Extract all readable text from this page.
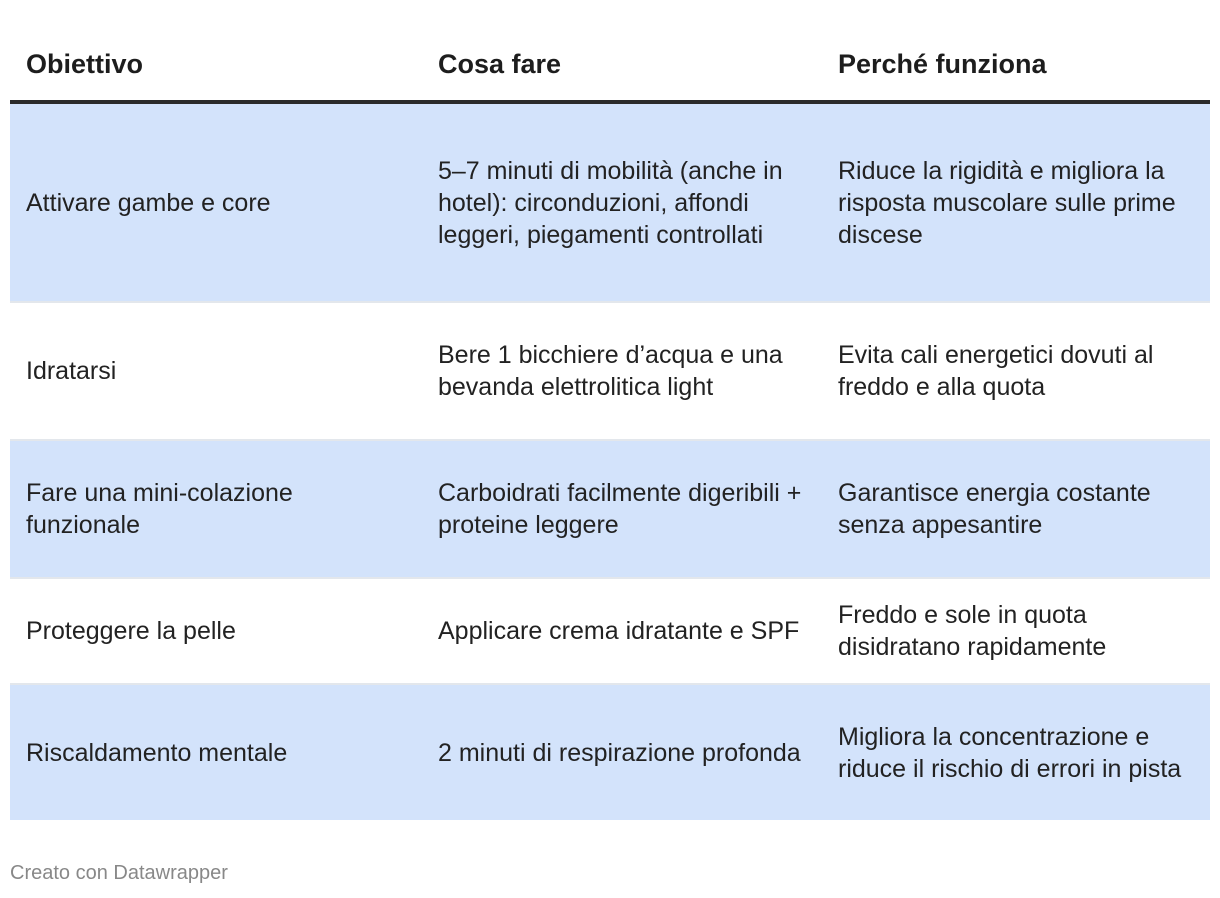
Obiettivo	Cosa fare	Perché funziona
Attivare gambe e core	5–7 minuti di mobilità (anche in hotel): circonduzioni, affondi leggeri, piegamenti controllati	Riduce la rigidità e migliora la risposta muscolare sulle prime discese
Idratarsi	Bere 1 bicchiere d’acqua e una bevanda elettrolitica light	Evita cali energetici dovuti al freddo e alla quota
Fare una mini-colazione funzionale	Carboidrati facilmente digeribili + proteine leggere	Garantisce energia costante senza appesantire
Proteggere la pelle	Applicare crema idratante e SPF	Freddo e sole in quota disidratano rapidamente
Riscaldamento mentale	2 minuti di respirazione profonda	Migliora la concentrazione e riduce il rischio di errori in pista
Creato con Datawrapper
